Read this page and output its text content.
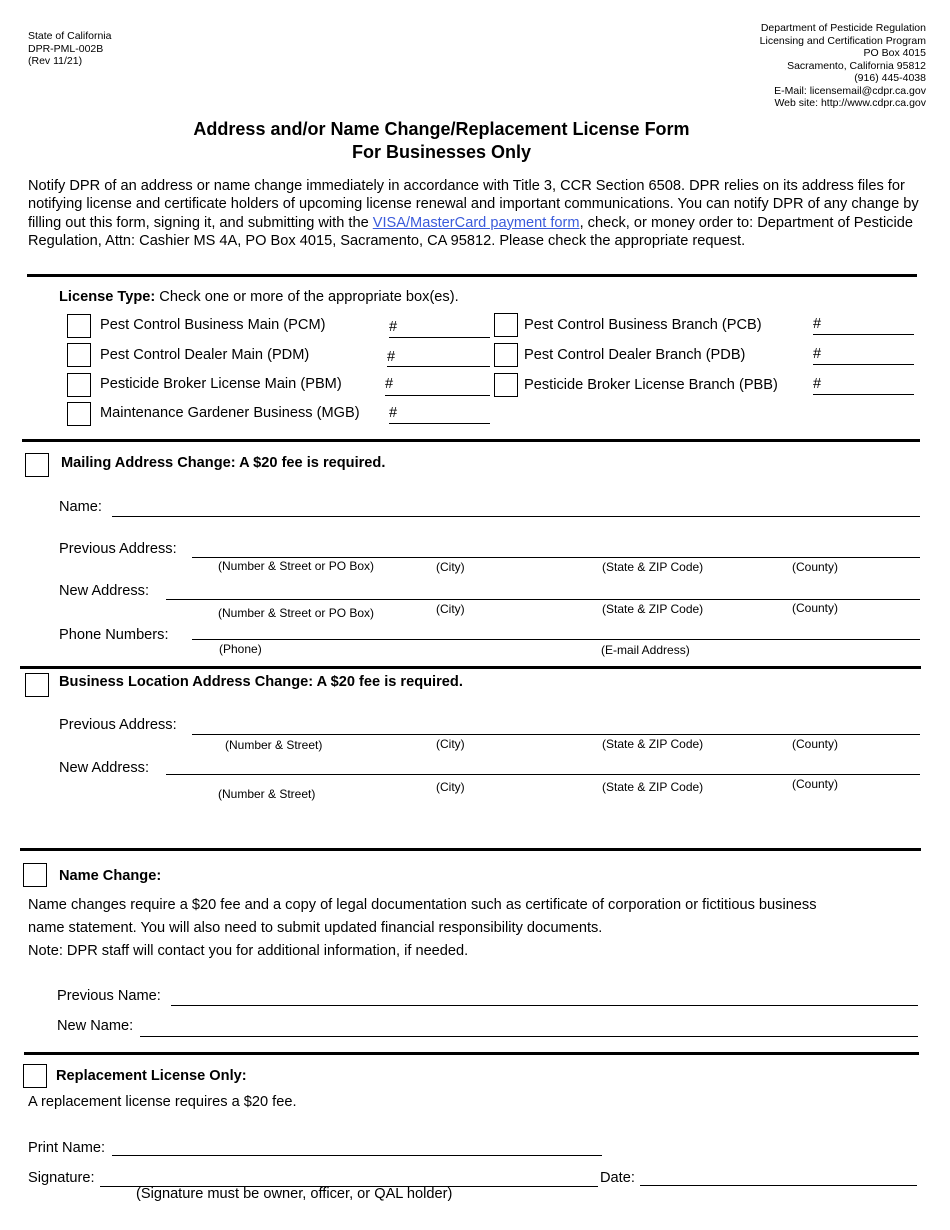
State of California
DPR-PML-002B
(Rev 11/21)
Department of Pesticide Regulation
Licensing and Certification Program
PO Box 4015
Sacramento, California 95812
(916) 445-4038
E-Mail: licensemail@cdpr.ca.gov
Web site: http://www.cdpr.ca.gov
Address and/or Name Change/Replacement License Form
For Businesses Only
Notify DPR of an address or name change immediately in accordance with Title 3, CCR Section 6508. DPR relies on its address files for notifying license and certificate holders of upcoming license renewal and important communications. You can notify DPR of any change by filling out this form, signing it, and submitting with the VISA/MasterCard payment form, check, or money order to: Department of Pesticide Regulation, Attn: Cashier MS 4A, PO Box 4015, Sacramento, CA 95812. Please check the appropriate request.
License Type: Check one or more of the appropriate box(es).
Pest Control Business Main (PCM)	#
Pest Control Dealer Main (PDM)	#
Pesticide Broker License Main (PBM)	#
Maintenance Gardener Business (MGB) #
Pest Control Business Branch (PCB)	#
Pest Control Dealer Branch (PDB)	#
Pesticide Broker License Branch (PBB) #
Mailing Address Change: A $20 fee is required.
Name:
Previous Address:
(Number & Street or PO Box)	(City)	(State & ZIP Code)	(County)
New Address:
(Number & Street or PO Box)	(City)	(State & ZIP Code)	(County)
Phone Numbers:
(Phone)	(E-mail Address)
Business Location Address Change: A $20 fee is required.
Previous Address:
(Number & Street)	(City)	(State & ZIP Code)	(County)
New Address:
(Number & Street)	(City)	(State & ZIP Code)	(County)
Name Change:
Name changes require a $20 fee and a copy of legal documentation such as certificate of corporation or fictitious business
name statement. You will also need to submit updated financial responsibility documents.
Note: DPR staff will contact you for additional information, if needed.
Previous Name:
New Name:
Replacement License Only:
A replacement license requires a $20 fee.
Print Name:
Signature:	Date:
(Signature must be owner, officer, or QAL holder)
